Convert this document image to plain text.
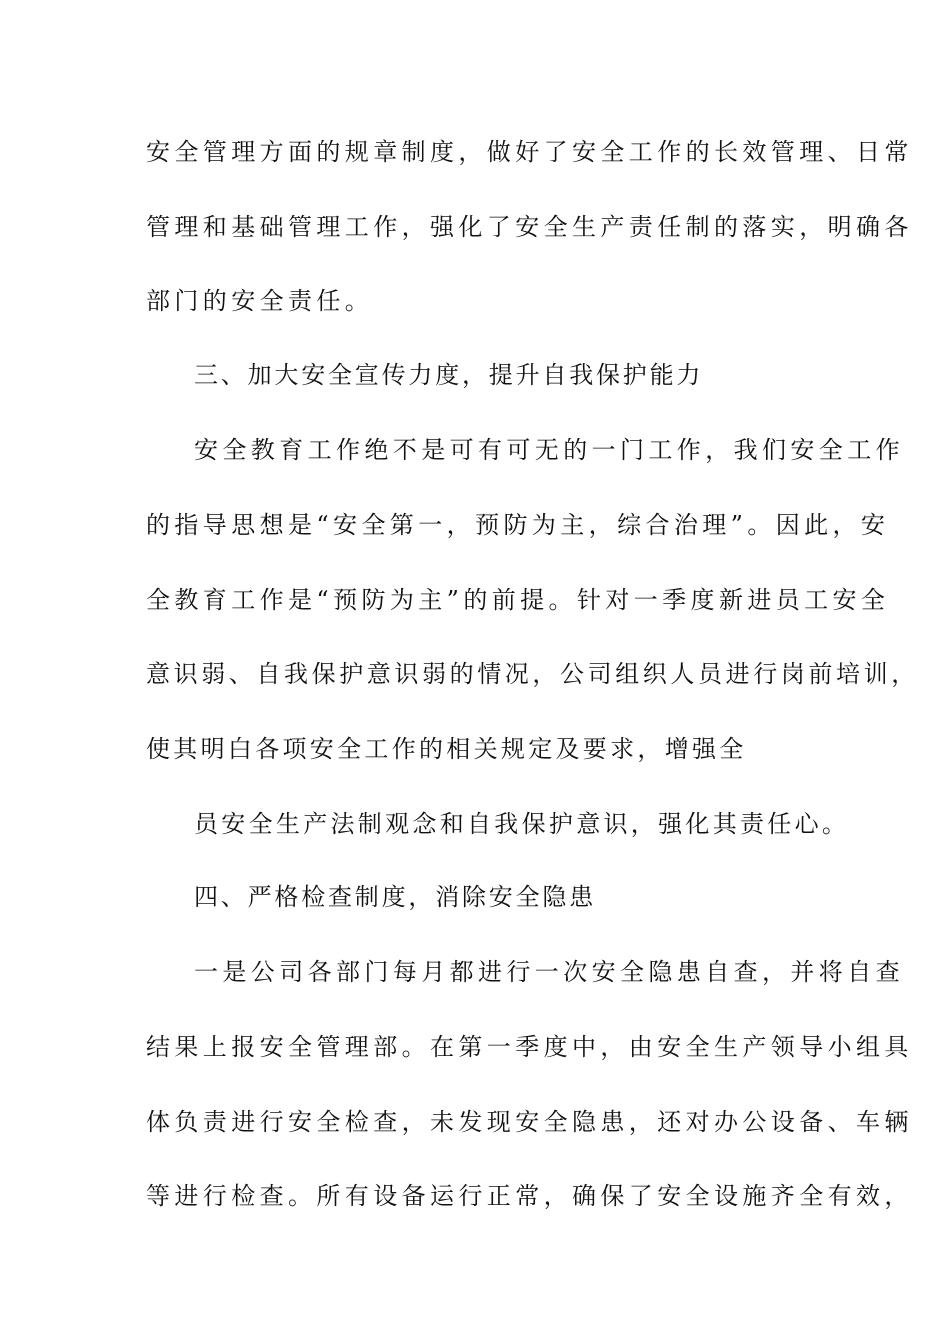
安全管理方面的规章制度，做好了安全工作的长效管理、日常
管理和基础管理工作，强化了安全生产责任制的落实，明确各
部门的安全责任。
三、加大安全宣传力度，提升自我保护能力
安全教育工作绝不是可有可无的一门工作，我们安全工作
的指导思想是“安全第一，预防为主，综合治理”。因此，安
全教育工作是“预防为主”的前提。针对一季度新进员工安全
意识弱、自我保护意识弱的情况，公司组织人员进行岗前培训，
使其明白各项安全工作的相关规定及要求，增强全
员安全生产法制观念和自我保护意识，强化其责任心。
四、严格检查制度，消除安全隐患
一是公司各部门每月都进行一次安全隐患自查，并将自查
结果上报安全管理部。在第一季度中，由安全生产领导小组具
体负责进行安全检查，未发现安全隐患，还对办公设备、车辆
等进行检查。所有设备运行正常，确保了安全设施齐全有效，
